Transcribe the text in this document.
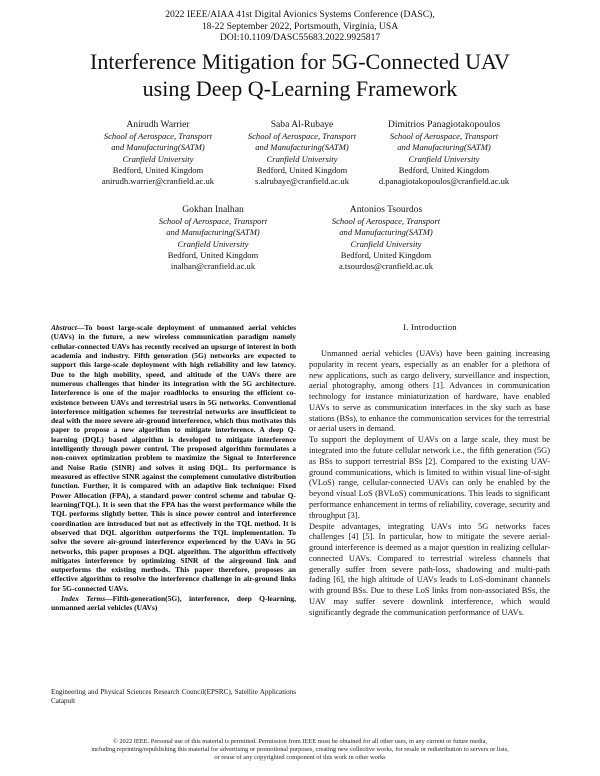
2022 IEEE/AIAA 41st Digital Avionics Systems Conference (DASC),
18-22 September 2022, Portsmouth, Virginia, USA
DOI:10.1109/DASC55683.2022.9925817
Interference Mitigation for 5G-Connected UAV
using Deep Q-Learning Framework
Anirudh Warrier
School of Aerospace, Transport
and Manufacturing(SATM)
Cranfield University
Bedford, United Kingdom
anirudh.warrier@cranfield.ac.uk
Saba Al-Rubaye
School of Aerospace, Transport
and Manufacturing(SATM)
Cranfield University
Bedford, United Kingdom
s.alrubaye@cranfield.ac.uk
Dimitrios Panagiotakopoulos
School of Aerospace, Transport
and Manufacturing(SATM)
Cranfield University
Bedford, United Kingdom
d.panagiotakopoulos@cranfield.ac.uk
Gokhan Inalhan
School of Aerospace, Transport
and Manufacturing(SATM)
Cranfield University
Bedford, United Kingdom
inalhan@cranfield.ac.uk
Antonios Tsourdos
School of Aerospace, Transport
and Manufacturing(SATM)
Cranfield University
Bedford, United Kingdom
a.tsourdos@cranfield.ac.uk
Abstract—To boost large-scale deployment of unmanned aerial vehicles (UAVs) in the future, a new wireless communication paradigm namely cellular-connected UAVs has recently received an upsurge of interest in both academia and industry. Fifth generation (5G) networks are expected to support this large-scale deployment with high reliability and low latency. Due to the high mobility, speed, and altitude of the UAVs there are numerous challenges that hinder its integration with the 5G architecture. Interference is one of the major roadblocks to ensuring the efficient co-existence between UAVs and terrestrial users in 5G networks. Conventional interference mitigation schemes for terrestrial networks are insufficient to deal with the more severe air-ground interference, which thus motivates this paper to propose a new algorithm to mitigate interference. A deep Q-learning (DQL) based algorithm is developed to mitigate interference intelligently through power control. The proposed algorithm formulates a non-convex optimization problem to maximize the Signal to Interference and Noise Ratio (SINR) and solves it using DQL. Its performance is measured as effective SINR against the complement cumulative distribution function. Further, it is compared with an adaptive link technique: Fixed Power Allocation (FPA), a standard power control scheme and tabular Q-learning(TQL). It is seen that the FPA has the worst performance while the TQL performs slightly better. This is since power control and interference coordination are introduced but not as effectively in the TQL method. It is observed that DQL algorithm outperforms the TQL implementation. To solve the severe air-ground interference experienced by the UAVs in 5G networks, this paper proposes a DQL algorithm. The algorithm effectively mitigates interference by optimizing SINR of the airground link and outperforms the existing methods. This paper therefore, proposes an effective algorithm to resolve the interference challenge in air-ground links for 5G-connected UAVs.
Index Terms—Fifth-generation(5G), interference, deep Q-learning, unmanned aerial vehicles (UAVs)
Engineering and Physical Sciences Research Council(EPSRC), Satellite Applications Catapult
I. Introduction

Unmanned aerial vehicles (UAVs) have been gaining increasing popularity in recent years, especially as an enabler for a plethora of new applications, such as cargo delivery, surveillance and inspection, aerial photography, among others [1]. Advances in communication technology for instance miniaturization of hardware, have enabled UAVs to serve as communication interfaces in the sky such as base stations (BSs), to enhance the communication services for the terrestrial or aerial users in demand.

To support the deployment of UAVs on a large scale, they must be integrated into the future cellular network i.e., the fifth generation (5G) as BSs to support terrestrial BSs [2]. Compared to the existing UAV-ground communications, which is limited to within visual line-of-sight (VLoS) range, cellular-connected UAVs can only be enabled by the beyond visual LoS (BVLoS) communications. This leads to significant performance enhancement in terms of reliability, coverage, security and throughput [3].

Despite advantages, integrating UAVs into 5G networks faces challenges [4] [5]. In particular, how to mitigate the severe aerial-ground interference is deemed as a major question in realizing cellular-connected UAVs. Compared to terrestrial wireless channels that generally suffer from severe path-loss, shadowing and multi-path fading [6], the high altitude of UAVs leads to LoS-dominant channels with ground BSs. Due to these LoS links from non-associated BSs, the UAV may suffer severe downlink interference, which would significantly degrade the communication performance of UAVs.

© 2022 IEEE. Personal use of this material is permitted. Permission from IEEE must be obtained for all other uses, in any current or future media,
including reprinting/republishing this material for advertising or promotional purposes, creating new collective works, for resale or redistribution to servers or lists,
or reuse of any copyrighted component of this work in other works
